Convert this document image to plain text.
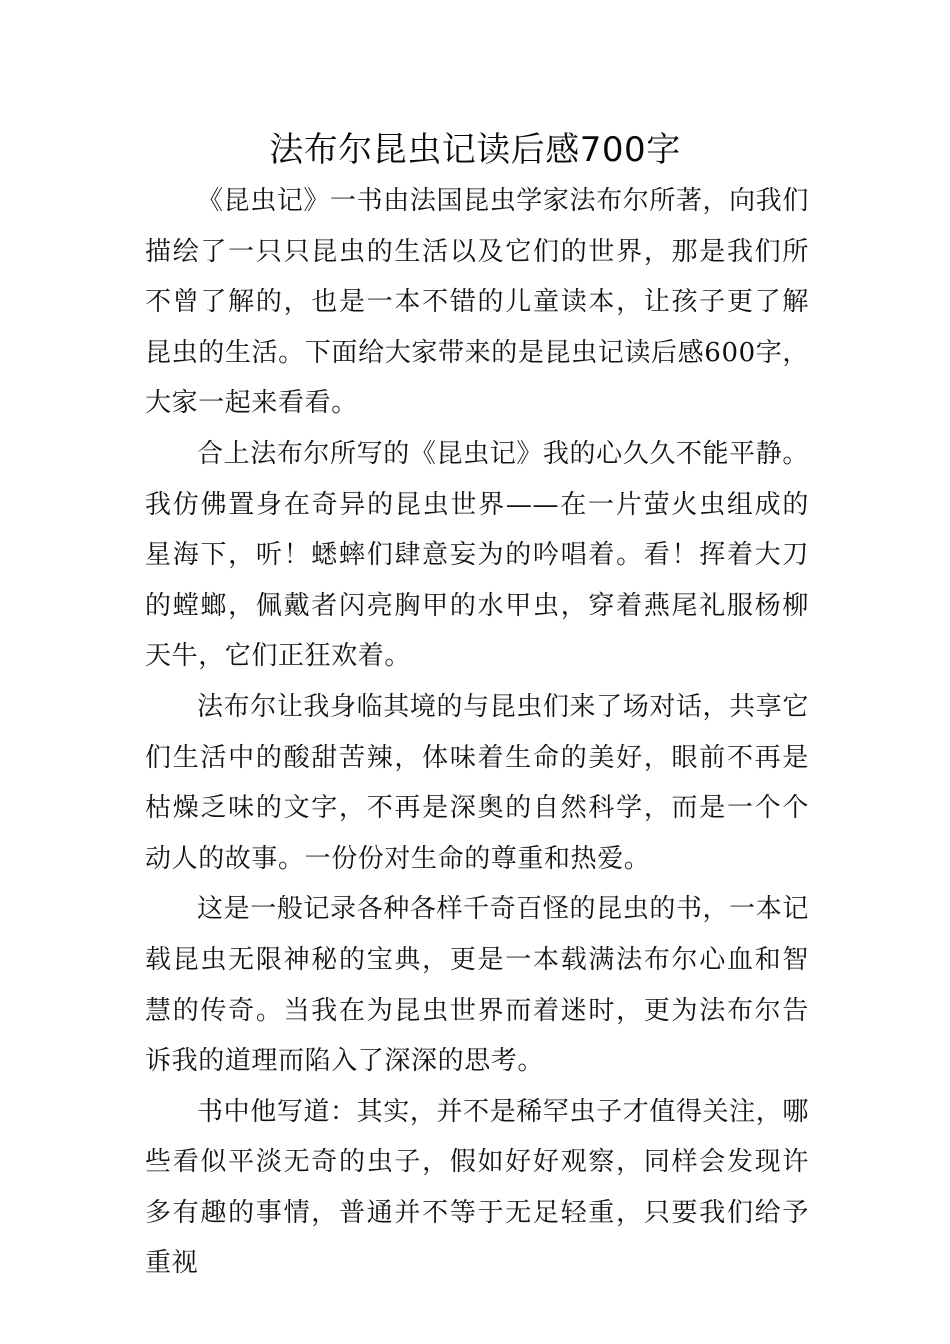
法布尔昆虫记读后感700字

《昆虫记》一书由法国昆虫学家法布尔所著，向我们描绘了一只只昆虫的生活以及它们的世界，那是我们所不曾了解的，也是一本不错的儿童读本，让孩子更了解昆虫的生活。下面给大家带来的是昆虫记读后感600字，大家一起来看看。

合上法布尔所写的《昆虫记》我的心久久不能平静。我仿佛置身在奇异的昆虫世界——在一片萤火虫组成的星海下，听！蟋蟀们肆意妄为的吟唱着。看！挥着大刀的螳螂，佩戴者闪亮胸甲的水甲虫，穿着燕尾礼服杨柳天牛，它们正狂欢着。

法布尔让我身临其境的与昆虫们来了场对话，共享它们生活中的酸甜苦辣，体味着生命的美好，眼前不再是枯燥乏味的文字，不再是深奥的自然科学，而是一个个动人的故事。一份份对生命的尊重和热爱。

这是一般记录各种各样千奇百怪的昆虫的书，一本记载昆虫无限神秘的宝典，更是一本载满法布尔心血和智慧的传奇。当我在为昆虫世界而着迷时，更为法布尔告诉我的道理而陷入了深深的思考。

书中他写道：其实，并不是稀罕虫子才值得关注，哪些看似平淡无奇的虫子，假如好好观察，同样会发现许多有趣的事情，普通并不等于无足轻重，只要我们给予重视
